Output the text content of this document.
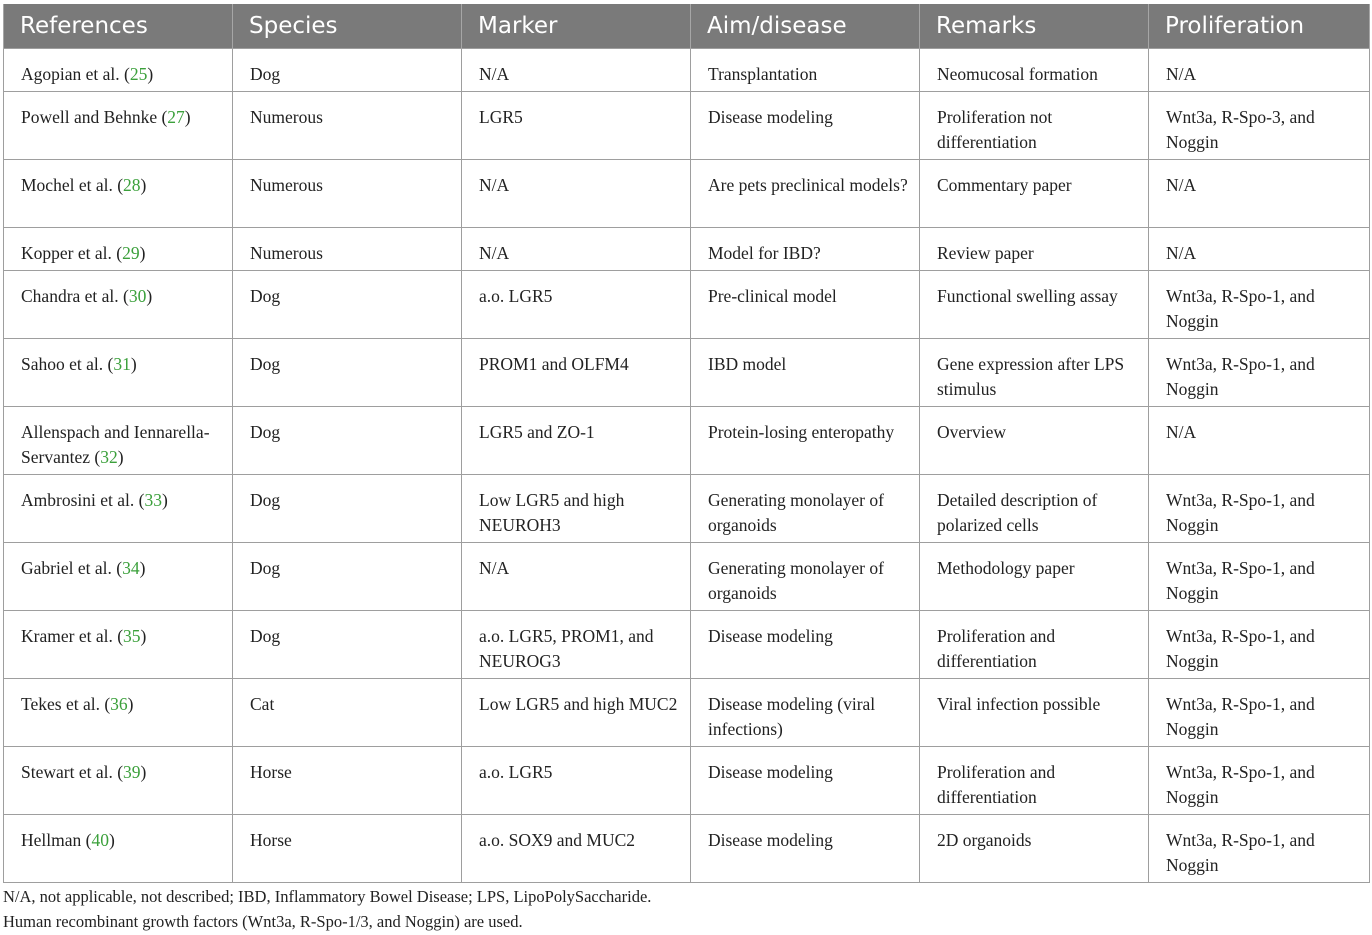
References	Species	Marker	Aim/disease	Remarks	Proliferation
Agopian et al. (25)	Dog	N/A	Transplantation	Neomucosal formation	N/A
Powell and Behnke (27)	Numerous	LGR5	Disease modeling	Proliferation not differentiation	Wnt3a, R-Spo-3, and Noggin
Mochel et al. (28)	Numerous	N/A	Are pets preclinical models?	Commentary paper	N/A
Kopper et al. (29)	Numerous	N/A	Model for IBD?	Review paper	N/A
Chandra et al. (30)	Dog	a.o. LGR5	Pre-clinical model	Functional swelling assay	Wnt3a, R-Spo-1, and Noggin
Sahoo et al. (31)	Dog	PROM1 and OLFM4	IBD model	Gene expression after LPS stimulus	Wnt3a, R-Spo-1, and Noggin
Allenspach and Iennarella-Servantez (32)	Dog	LGR5 and ZO-1	Protein-losing enteropathy	Overview	N/A
Ambrosini et al. (33)	Dog	Low LGR5 and high NEUROH3	Generating monolayer of organoids	Detailed description of polarized cells	Wnt3a, R-Spo-1, and Noggin
Gabriel et al. (34)	Dog	N/A	Generating monolayer of organoids	Methodology paper	Wnt3a, R-Spo-1, and Noggin
Kramer et al. (35)	Dog	a.o. LGR5, PROM1, and NEUROG3	Disease modeling	Proliferation and differentiation	Wnt3a, R-Spo-1, and Noggin
Tekes et al. (36)	Cat	Low LGR5 and high MUC2	Disease modeling (viral infections)	Viral infection possible	Wnt3a, R-Spo-1, and Noggin
Stewart et al. (39)	Horse	a.o. LGR5	Disease modeling	Proliferation and differentiation	Wnt3a, R-Spo-1, and Noggin
Hellman (40)	Horse	a.o. SOX9 and MUC2	Disease modeling	2D organoids	Wnt3a, R-Spo-1, and Noggin
N/A, not applicable, not described; IBD, Inflammatory Bowel Disease; LPS, LipoPolySaccharide.
Human recombinant growth factors (Wnt3a, R-Spo-1/3, and Noggin) are used.
